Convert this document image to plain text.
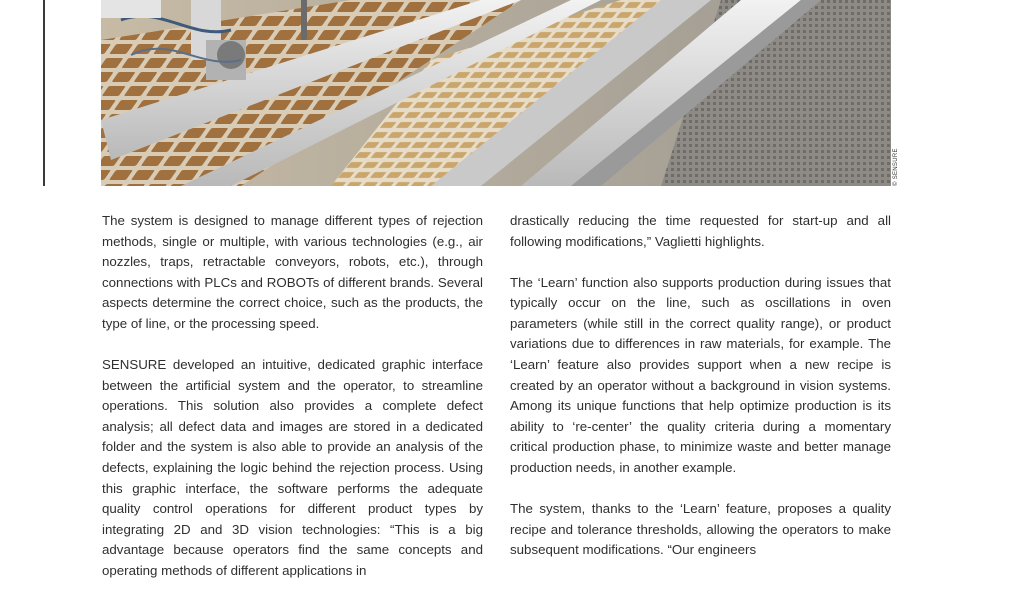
© SENSURE

The system is designed to manage different types of rejection methods, single or multiple, with various technologies (e.g., air nozzles, traps, retractable conveyors, robots, etc.), through connections with PLCs and ROBOTs of different brands. Several aspects determine the correct choice, such as the products, the type of line, or the processing speed.

SENSURE developed an intuitive, dedicated graphic interface between the artificial system and the operator, to streamline operations. This solution also provides a complete defect analysis; all defect data and images are stored in a dedicated folder and the system is also able to provide an analysis of the defects, explaining the logic behind the rejection process. Using this graphic interface, the software performs the adequate quality control operations for different product types by integrating 2D and 3D vision technologies: “This is a big advantage because operators find the same concepts and operating methods of different applications in

drastically reducing the time requested for start-up and all following modifications,” Vaglietti highlights.

The ‘Learn’ function also supports production during issues that typically occur on the line, such as oscillations in oven parameters (while still in the correct quality range), or product variations due to differences in raw materials, for example. The ‘Learn’ feature also provides support when a new recipe is created by an operator without a background in vision systems. Among its unique functions that help optimize production is its ability to ‘re-center’ the quality criteria during a momentary critical production phase, to minimize waste and better manage production needs, in another example.

The system, thanks to the ‘Learn’ feature, proposes a quality recipe and tolerance thresholds, allowing the operators to make subsequent modifications. “Our engineers
